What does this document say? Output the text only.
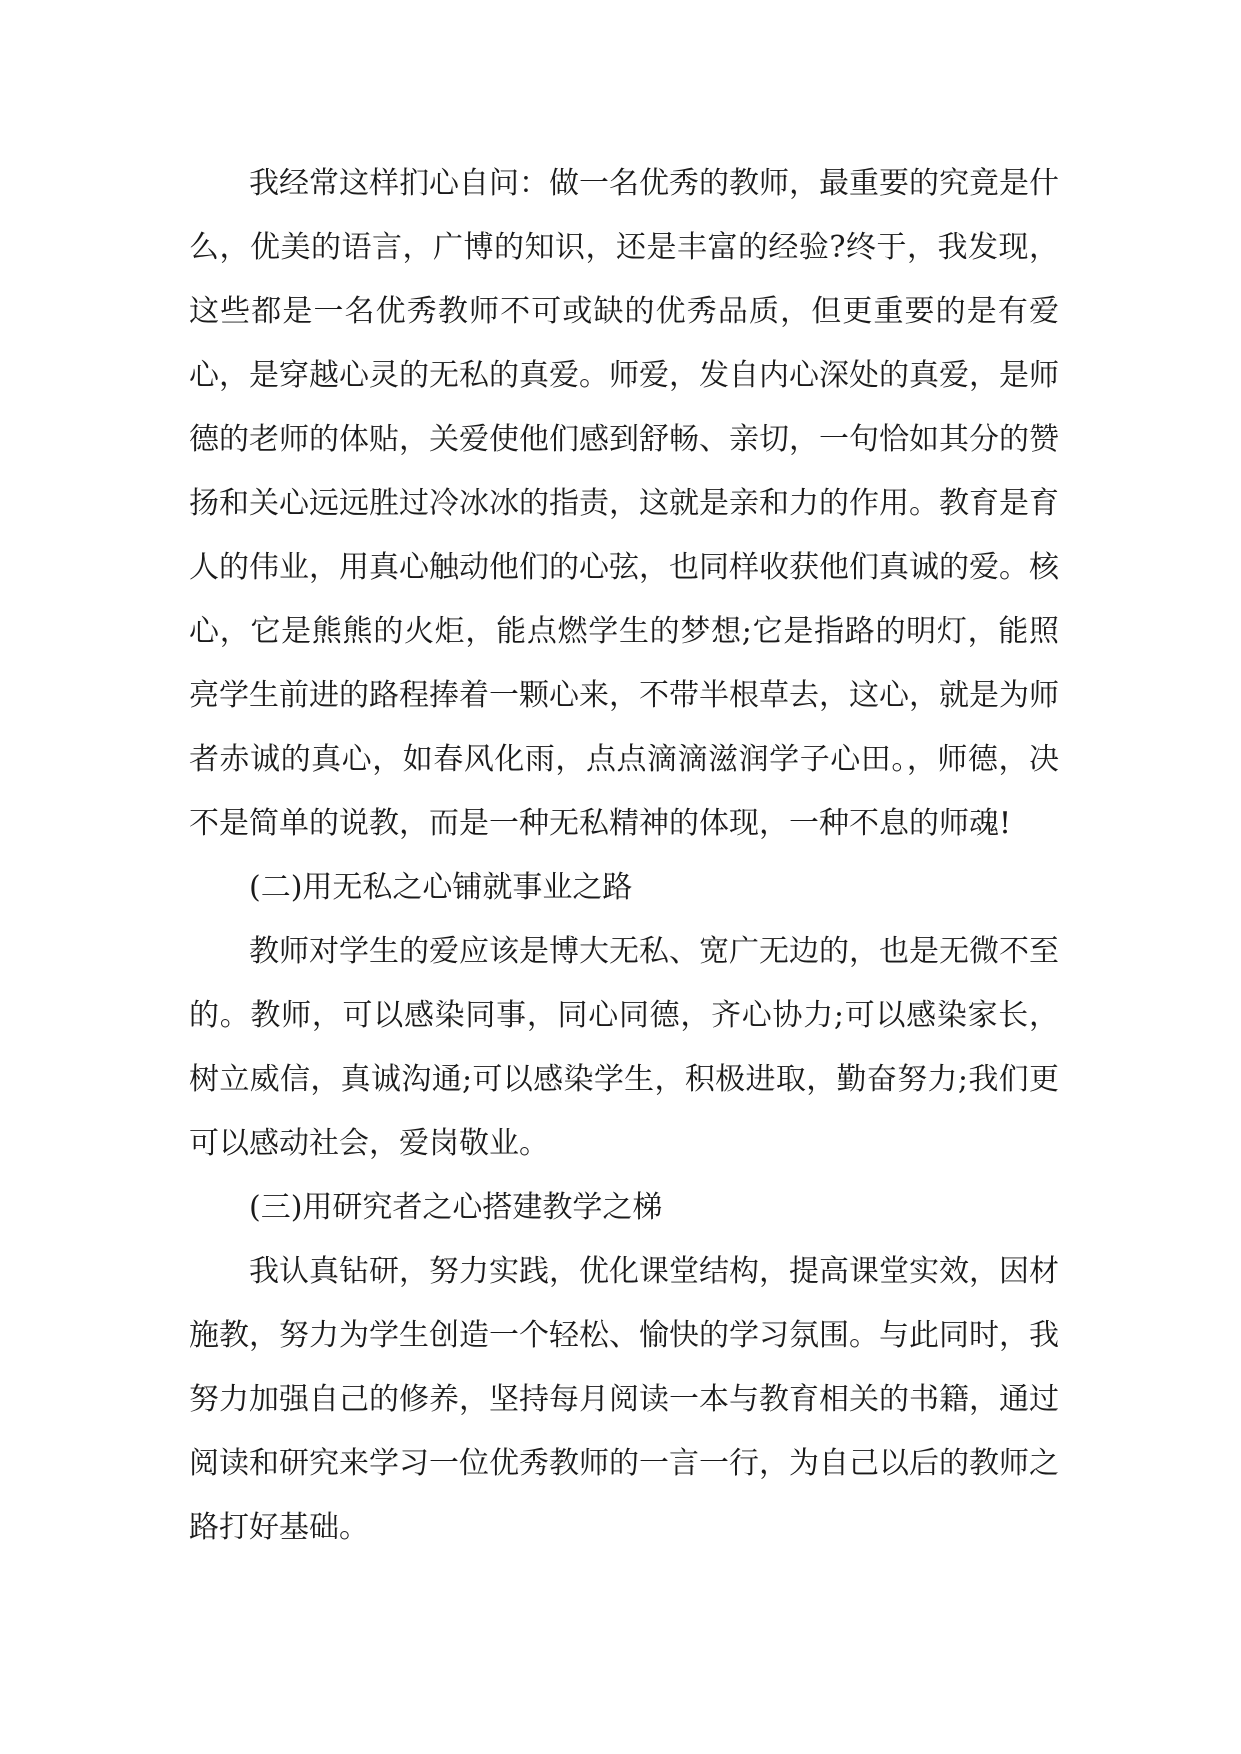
我经常这样扪心自问：做一名优秀的教师，最重要的究竟是什么，优美的语言，广博的知识，还是丰富的经验?终于，我发现，这些都是一名优秀教师不可或缺的优秀品质，但更重要的是有爱心，是穿越心灵的无私的真爱。师爱，发自内心深处的真爱，是师德的老师的体贴，关爱使他们感到舒畅、亲切，一句恰如其分的赞扬和关心远远胜过冷冰冰的指责，这就是亲和力的作用。教育是育人的伟业，用真心触动他们的心弦，也同样收获他们真诚的爱。核心，它是熊熊的火炬，能点燃学生的梦想;它是指路的明灯，能照亮学生前进的路程捧着一颗心来，不带半根草去，这心，就是为师者赤诚的真心，如春风化雨，点点滴滴滋润学子心田。，师德，决不是简单的说教，而是一种无私精神的体现，一种不息的师魂!

(二)用无私之心铺就事业之路

教师对学生的爱应该是博大无私、宽广无边的，也是无微不至的。教师，可以感染同事，同心同德，齐心协力;可以感染家长，树立威信，真诚沟通;可以感染学生，积极进取，勤奋努力;我们更可以感动社会，爱岗敬业。

(三)用研究者之心搭建教学之梯

我认真钻研，努力实践，优化课堂结构，提高课堂实效，因材施教，努力为学生创造一个轻松、愉快的学习氛围。与此同时，我努力加强自己的修养，坚持每月阅读一本与教育相关的书籍，通过阅读和研究来学习一位优秀教师的一言一行，为自己以后的教师之路打好基础。
